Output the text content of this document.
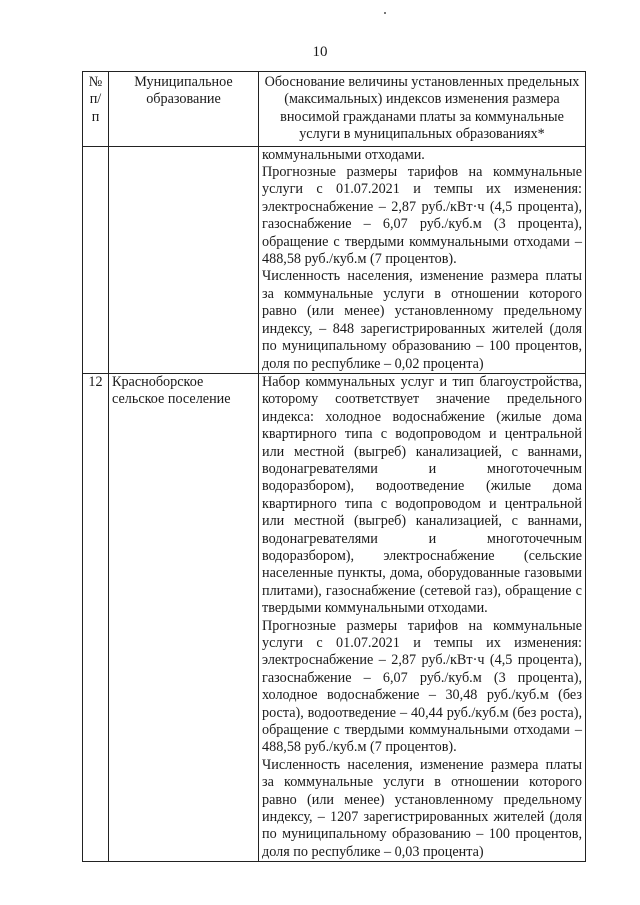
10
№ п/п	Муниципальное образование	Обоснование величины установленных предельных (максимальных) индексов изменения размера вносимой гражданами платы за коммунальные услуги в муниципальных образованиях*

		коммунальными отходами.

Прогнозные размеры тарифов на коммунальные услуги с 01.07.2021 и темпы их изменения: электроснабжение – 2,87 руб./кВт·ч (4,5 процента), газоснабжение – 6,07 руб./куб.м (3 процента), обращение с твердыми коммунальными отходами – 488,58 руб./куб.м (7 процентов).

Численность населения, изменение размера платы за коммунальные услуги в отношении которого равно (или менее) установленному предельному индексу, – 848 зарегистрированных жителей (доля по муниципальному образованию – 100 процентов, доля по республике – 0,02 процента)

12	Красноборское сельское поселение	Набор коммунальных услуг и тип благоустройства, которому соответствует значение предельного индекса: холодное водоснабжение (жилые дома квартирного типа с водопроводом и центральной или местной (выгреб) канализацией, с ваннами, водонагревателями и многоточечным водоразбором), водоотведение (жилые дома квартирного типа с водопроводом и центральной или местной (выгреб) канализацией, с ваннами, водонагревателями и многоточечным водоразбором), электроснабжение (сельские населенные пункты, дома, оборудованные газовыми плитами), газоснабжение (сетевой газ), обращение с твердыми коммунальными отходами.

Прогнозные размеры тарифов на коммунальные услуги с 01.07.2021 и темпы их изменения: электроснабжение – 2,87 руб./кВт·ч (4,5 процента), газоснабжение – 6,07 руб./куб.м (3 процента), холодное водоснабжение – 30,48 руб./куб.м (без роста), водоотведение – 40,44 руб./куб.м (без роста), обращение с твердыми коммунальными отходами – 488,58 руб./куб.м (7 процентов).

Численность населения, изменение размера платы за коммунальные услуги в отношении которого равно (или менее) установленному предельному индексу, – 1207 зарегистрированных жителей (доля по муниципальному образованию – 100 процентов, доля по республике – 0,03 процента)
